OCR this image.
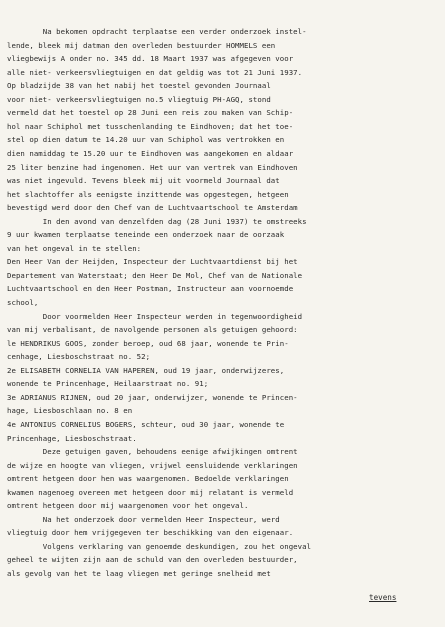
Na bekomen opdracht terplaatse een verder onderzoek instel-
lende, bleek mij datman den overleden bestuurder HOMMELS een
vliegbewijs A onder no. 345 dd. 18 Maart 1937 was afgegeven voor
alle niet- verkeersvliegtuigen en dat geldig was tot 21 Juni 1937.
Op bladzijde 38 van het nabij het toestel gevonden Journaal
voor niet- verkeersvliegtuigen no.5 vliegtuig PH-AGQ, stond
vermeld dat het toestel op 28 Juni een reis zou maken van Schip-
hol naar Schiphol met tusschenlanding te Eindhoven; dat het toe-
stel op dien datum te 14.20 uur van Schiphol was vertrokken en
dien namiddag te 15.20 uur te Eindhoven was aangekomen en aldaar
25 liter benzine had ingenomen. Het uur van vertrek van Eindhoven
was niet ingevuld. Tevens bleek mij uit voormeld Journaal dat
het slachtoffer als eenigste inzittende was opgestegen, hetgeen
bevestigd werd door den Chef van de Luchtvaartschool te Amsterdam
In den avond van denzelfden dag (28 Juni 1937) te omstreeks
9 uur kwamen terplaatse teneinde een onderzoek naar de oorzaak
van het ongeval in te stellen:
Den Heer Van der Heijden, Inspecteur der Luchtvaartdienst bij het
Departement van Waterstaat; den Heer De Mol, Chef van de Nationale
Luchtvaartschool en den Heer Postman, Instructeur aan voornoemde
school,
Door voormelden Heer Inspecteur werden in tegenwoordigheid
van mij verbalisant, de navolgende personen als getuigen gehoord:
le HENDRIKUS GOOS, zonder beroep, oud 68 jaar, wonende te Prin-
cenhage, Liesboschstraat no. 52;
2e ELISABETH CORNELIA VAN HAPEREN, oud 19 jaar, onderwijzeres,
wonende te Princenhage, Heilaarstraat no. 91;
3e ADRIANUS RIJNEN, oud 20 jaar, onderwijzer, wonende te Princen-
hage, Liesboschlaan no. 8 en
4e ANTONIUS CORNELIUS BOGERS, schteur, oud 30 jaar, wonende te
Princenhage, Liesboschstraat.
Deze getuigen gaven, behoudens eenige afwijkingen omtrent
de wijze en hoogte van vliegen, vrijwel eensluidende verklaringen
omtrent hetgeen door hen was waargenomen. Bedoelde verklaringen
kwamen nagenoeg overeen met hetgeen door mij relatant is vermeld
omtrent hetgeen door mij waargenomen voor het ongeval.
Na het onderzoek door vermelden Heer Inspecteur, werd
vliegtuig door hem vrijgegeven ter beschikking van den eigenaar.
Volgens verklaring van genoemde deskundigen, zou het ongeval
geheel te wijten zijn aan de schuld van den overleden bestuurder,
als gevolg van het te laag vliegen met geringe snelheid met
tevens
